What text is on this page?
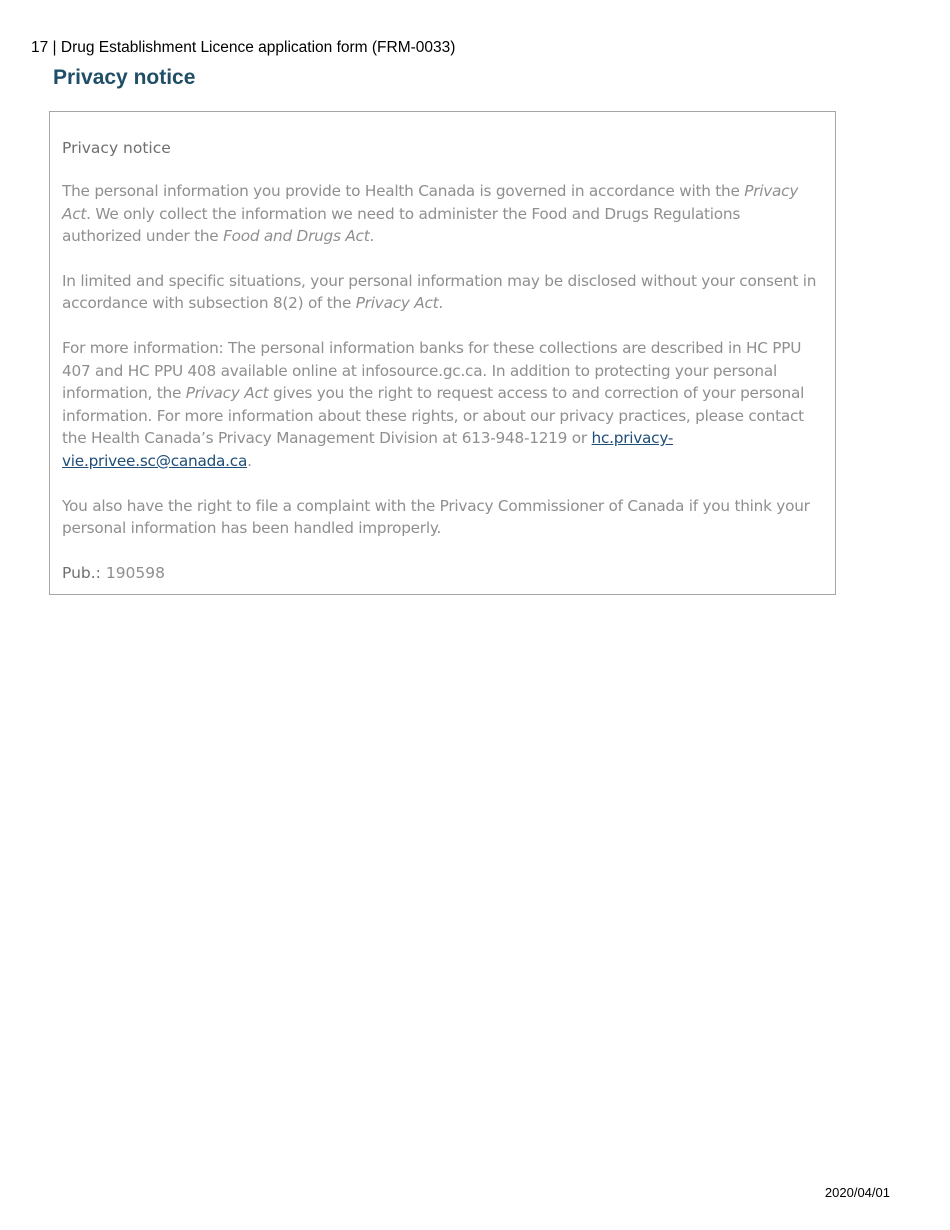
17 | Drug Establishment Licence application form (FRM-0033)
Privacy notice

Privacy notice

The personal information you provide to Health Canada is governed in accordance with the Privacy Act. We only collect the information we need to administer the Food and Drugs Regulations authorized under the Food and Drugs Act.

In limited and specific situations, your personal information may be disclosed without your consent in accordance with subsection 8(2) of the Privacy Act.

For more information: The personal information banks for these collections are described in HC PPU 407 and HC PPU 408 available online at infosource.gc.ca. In addition to protecting your personal information, the Privacy Act gives you the right to request access to and correction of your personal information. For more information about these rights, or about our privacy practices, please contact the Health Canada’s Privacy Management Division at 613-948-1219 or hc.privacy-vie.privee.sc@canada.ca.

You also have the right to file a complaint with the Privacy Commissioner of Canada if you think your personal information has been handled improperly.

Pub.: 190598

2020/04/01
